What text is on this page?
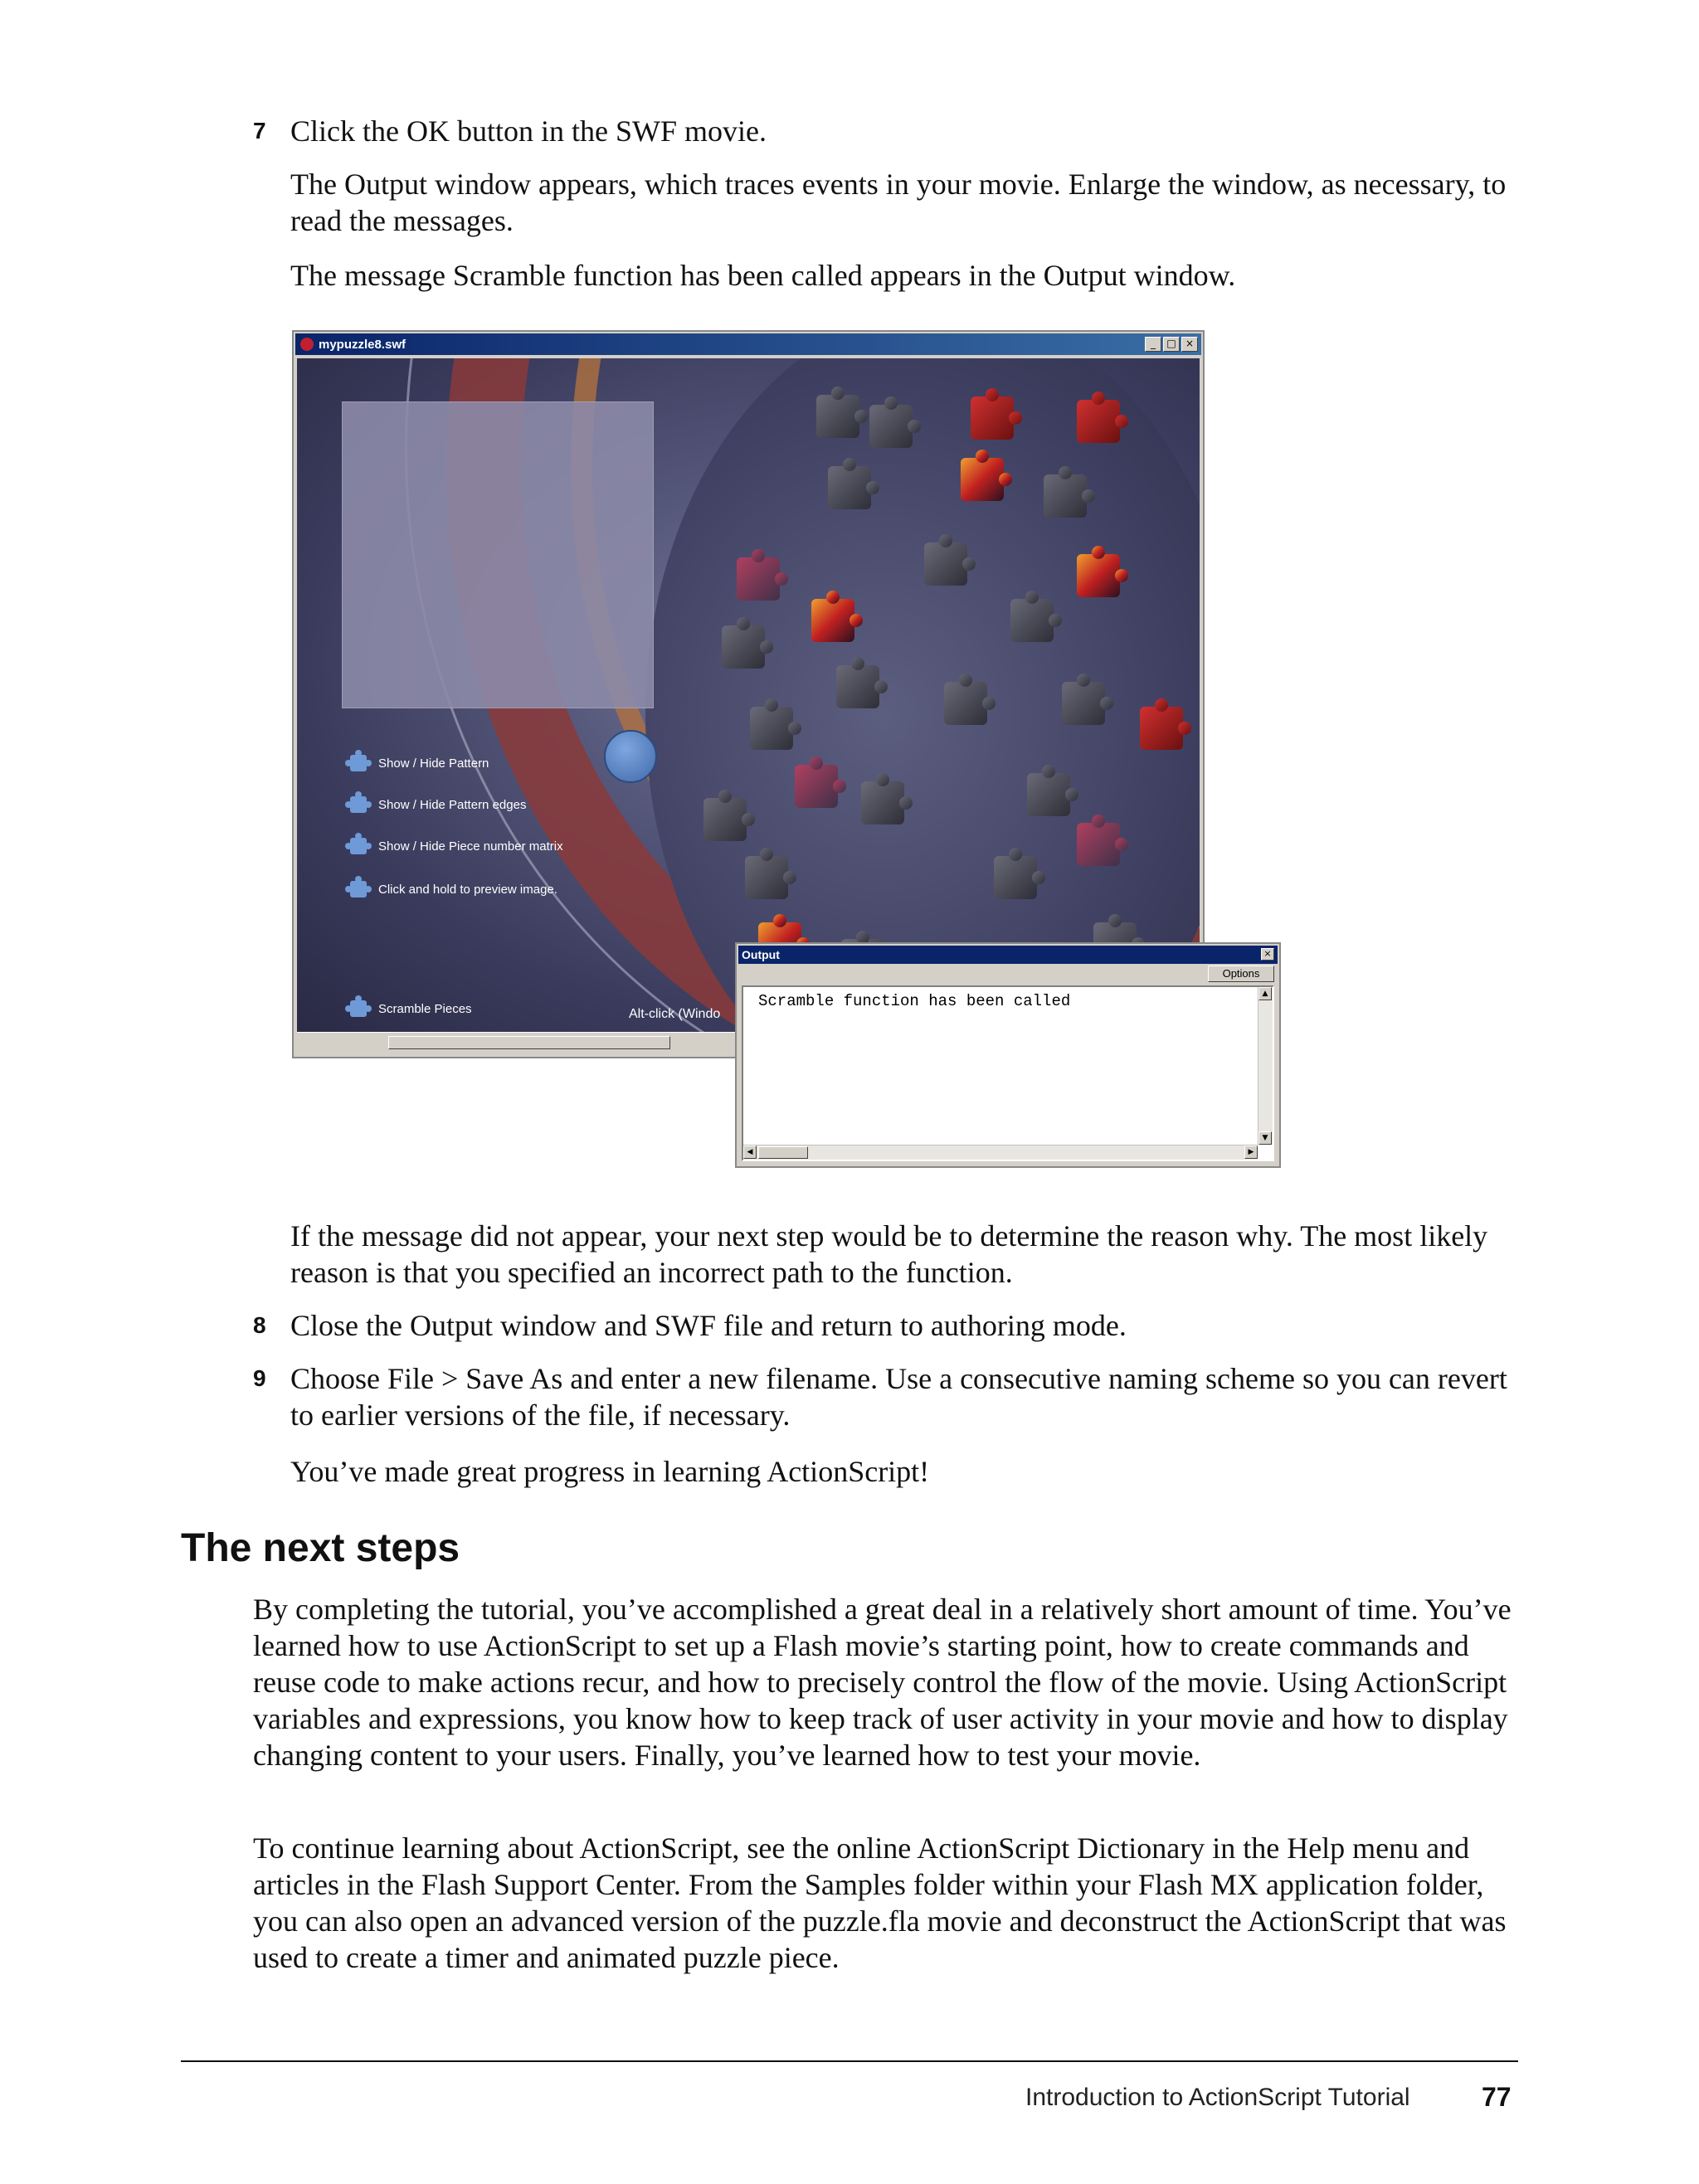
7 Click the OK button in the SWF movie.
The Output window appears, which traces events in your movie. Enlarge the window, as necessary, to read the messages.
The message Scramble function has been called appears in the Output window.
mypuzzle8.swf	_	□ ×
Show / Hide Pattern
Show / Hide Pattern edges
Show / Hide Piece number matrix
Click and hold to preview image.
Scramble Pieces	Alt-click (Windo
Output	×
Options
Scramble function has been called	▲
▼
◀	▶
If the message did not appear, your next step would be to determine the reason why. The most likely reason is that you specified an incorrect path to the function.
8 Close the Output window and SWF file and return to authoring mode.
9 Choose File > Save As and enter a new filename. Use a consecutive naming scheme so you can revert to earlier versions of the file, if necessary.
You’ve made great progress in learning ActionScript!
The next steps
By completing the tutorial, you’ve accomplished a great deal in a relatively short amount of time. You’ve learned how to use ActionScript to set up a Flash movie’s starting point, how to create commands and reuse code to make actions recur, and how to precisely control the flow of the movie. Using ActionScript variables and expressions, you know how to keep track of user activity in your movie and how to display changing content to your users. Finally, you’ve learned how to test your movie.
To continue learning about ActionScript, see the online ActionScript Dictionary in the Help menu and articles in the Flash Support Center. From the Samples folder within your Flash MX application folder, you can also open an advanced version of the puzzle.fla movie and deconstruct the ActionScript that was used to create a timer and animated puzzle piece.
Introduction to ActionScript Tutorial	77
